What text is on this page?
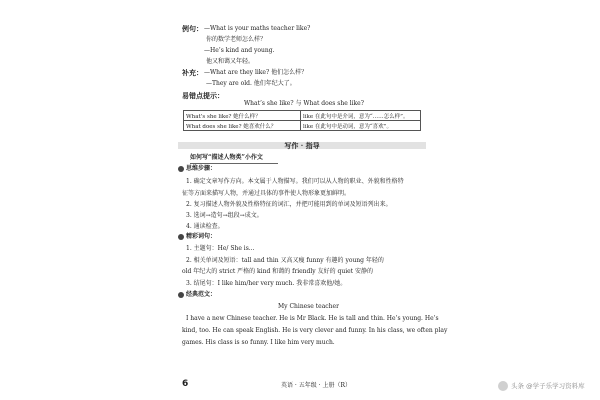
例句： —What is your maths teacher like?
你的数学老师怎么样？
—He’s kind and young.
他又和蔼又年轻。
补充： —What are they like? 他们怎么样？
—They are old. 他们年纪大了。
易错点提示：
What’s she like? 与 What does she like?
What’s she like? 她什么样？	like 在此句中是介词，意为“……怎么样”。
What does she like? 她喜欢什么？	like 在此句中是动词，意为“喜欢”。
写作 · 指导
如何写“描述人物类”小作文
思维步骤：
1. 确定文章写作方向。本文属于人物描写。我们可以从人物的职业、外貌和性格特
征等方面来描写人物，并通过具体的事件使人物形象更加鲜明。
2. 复习描述人物外貌及性格特征的词汇，并把可能用到的单词及短语列出来。
3. 选词→造句→组段→成文。
4. 通读检查。
精彩词句：
1. 主题句：He/ She is...
2. 相关单词及短语：tall and thin 又高又瘦 funny 有趣的 young 年轻的
old 年纪大的 strict 严格的 kind 和蔼的 friendly 友好的 quiet 安静的
3. 结尾句：I like him/her very much. 我非常喜欢他/她。
经典范文：
My Chinese teacher
I have a new Chinese teacher. He is Mr Black. He is tall and thin. He’s young. He’s
kind, too. He can speak English. He is very clever and funny. In his class, we often play
games. His class is so funny. I like him very much.
6	英语 · 五年级 · 上册（R）	头条 @学子乐学习资料库
